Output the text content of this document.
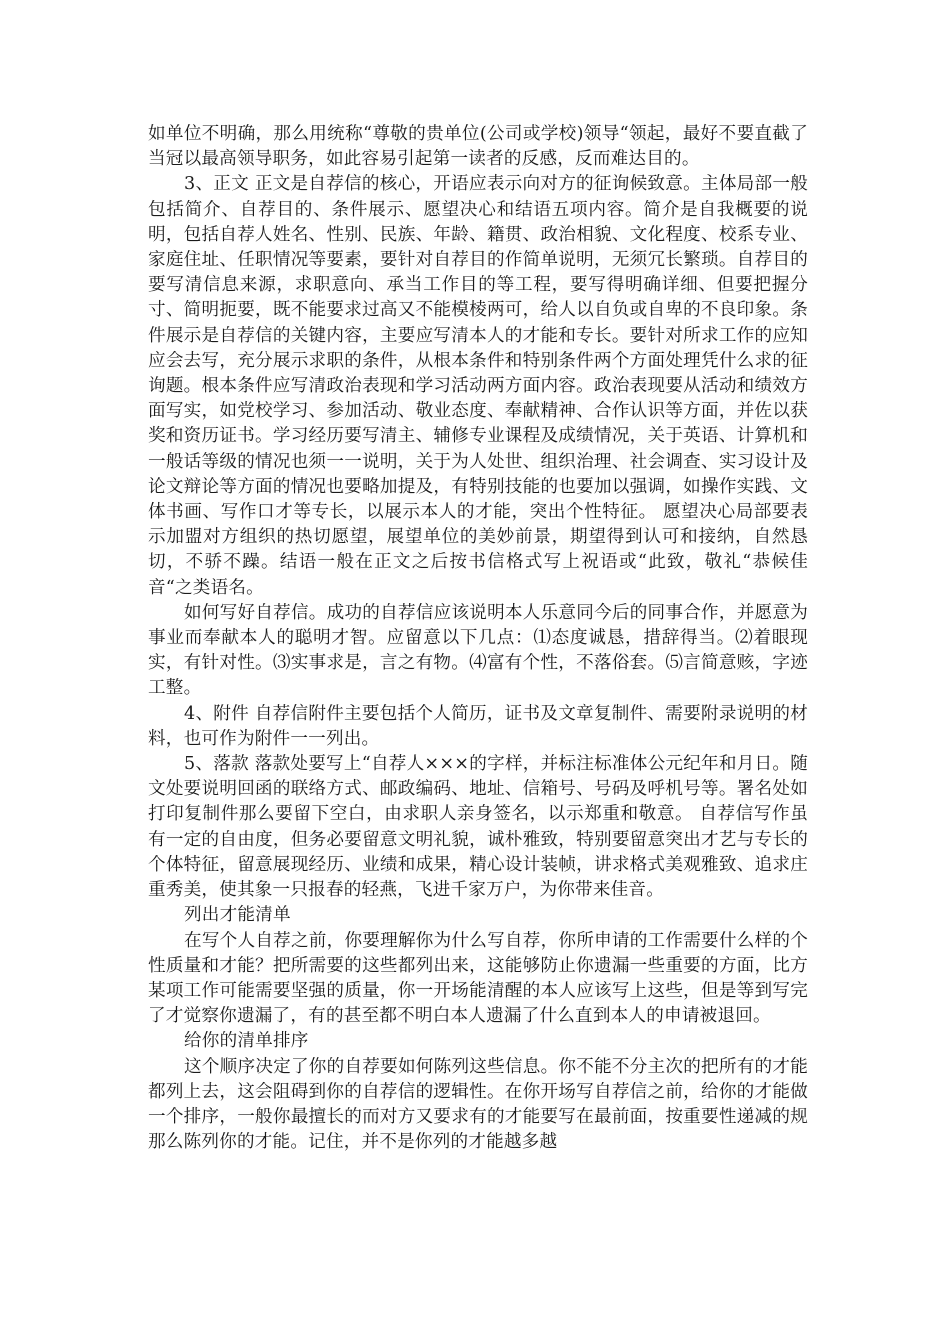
如单位不明确，那么用统称“尊敬的贵单位(公司或学校)领导“领起，最好不要直截了当冠以最高领导职务，如此容易引起第一读者的反感，反而难达目的。

3、正文 正文是自荐信的核心，开语应表示向对方的征询候致意。主体局部一般包括简介、自荐目的、条件展示、愿望决心和结语五项内容。简介是自我概要的说明，包括自荐人姓名、性别、民族、年龄、籍贯、政治相貌、文化程度、校系专业、家庭住址、任职情况等要素，要针对自荐目的作简单说明，无须冗长繁琐。自荐目的要写清信息来源，求职意向、承当工作目的等工程，要写得明确详细、但要把握分寸、简明扼要，既不能要求过高又不能模棱两可，给人以自负或自卑的不良印象。条件展示是自荐信的关键内容，主要应写清本人的才能和专长。要针对所求工作的应知应会去写，充分展示求职的条件，从根本条件和特别条件两个方面处理凭什么求的征询题。根本条件应写清政治表现和学习活动两方面内容。政治表现要从活动和绩效方面写实，如党校学习、参加活动、敬业态度、奉献精神、合作认识等方面，并佐以获奖和资历证书。学习经历要写清主、辅修专业课程及成绩情况，关于英语、计算机和一般话等级的情况也须一一说明，关于为人处世、组织治理、社会调查、实习设计及论文辩论等方面的情况也要略加提及，有特别技能的也要加以强调，如操作实践、文体书画、写作口才等专长，以展示本人的才能，突出个性特征。 愿望决心局部要表示加盟对方组织的热切愿望，展望单位的美妙前景，期望得到认可和接纳，自然恳切，不骄不躁。结语一般在正文之后按书信格式写上祝语或“此致，敬礼“恭候佳音“之类语名。

如何写好自荐信。成功的自荐信应该说明本人乐意同今后的同事合作，并愿意为事业而奉献本人的聪明才智。应留意以下几点：⑴态度诚恳，措辞得当。⑵着眼现实，有针对性。⑶实事求是，言之有物。⑷富有个性，不落俗套。⑸言简意赅，字迹工整。

4、附件 自荐信附件主要包括个人简历，证书及文章复制件、需要附录说明的材料，也可作为附件一一列出。

5、落款 落款处要写上“自荐人×××的字样，并标注标准体公元纪年和月日。随文处要说明回函的联络方式、邮政编码、地址、信箱号、号码及呼机号等。署名处如打印复制件那么要留下空白，由求职人亲身签名，以示郑重和敬意。 自荐信写作虽有一定的自由度，但务必要留意文明礼貌，诚朴雅致，特别要留意突出才艺与专长的个体特征，留意展现经历、业绩和成果，精心设计装帧，讲求格式美观雅致、追求庄重秀美，使其象一只报春的轻燕，飞进千家万户，为你带来佳音。

列出才能清单

在写个人自荐之前，你要理解你为什么写自荐，你所申请的工作需要什么样的个性质量和才能？把所需要的这些都列出来，这能够防止你遗漏一些重要的方面，比方某项工作可能需要坚强的质量，你一开场能清醒的本人应该写上这些，但是等到写完了才觉察你遗漏了，有的甚至都不明白本人遗漏了什么直到本人的申请被退回。

给你的清单排序

这个顺序决定了你的自荐要如何陈列这些信息。你不能不分主次的把所有的才能都列上去，这会阻碍到你的自荐信的逻辑性。在你开场写自荐信之前，给你的才能做一个排序，一般你最擅长的而对方又要求有的才能要写在最前面，按重要性递减的规那么陈列你的才能。记住，并不是你列的才能越多越
